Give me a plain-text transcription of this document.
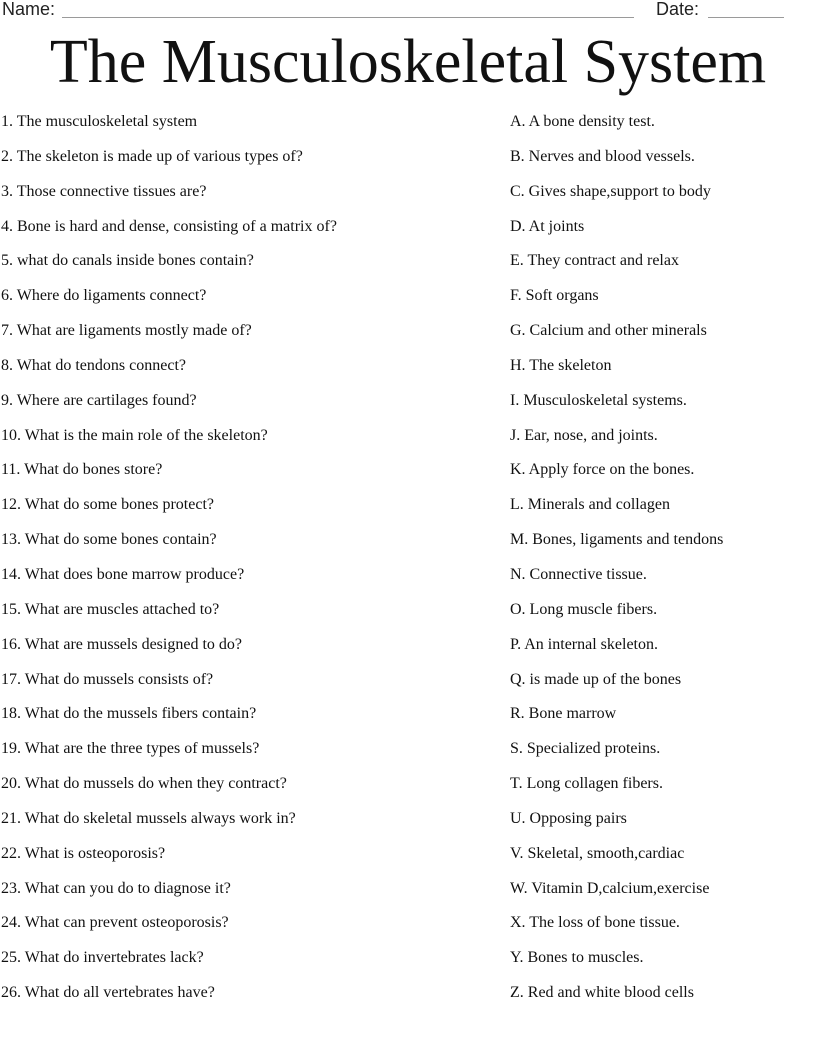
Name:	Date:
The Musculoskeletal System
1. The musculoskeletal system
2. The skeleton is made up of various types of?
3. Those connective tissues are?
4. Bone is hard and dense, consisting of a matrix of?
5. what do canals inside bones contain?
6. Where do ligaments connect?
7. What are ligaments mostly made of?
8. What do tendons connect?
9. Where are cartilages found?
10. What is the main role of the skeleton?
11. What do bones store?
12. What do some bones protect?
13. What do some bones contain?
14. What does bone marrow produce?
15. What are muscles attached to?
16. What are mussels designed to do?
17. What do mussels consists of?
18. What do the mussels fibers contain?
19. What are the three types of mussels?
20. What do mussels do when they contract?
21. What do skeletal mussels always work in?
22. What is osteoporosis?
23. What can you do to diagnose it?
24. What can prevent osteoporosis?
25. What do invertebrates lack?
26. What do all vertebrates have?
A. A bone density test.
B. Nerves and blood vessels.
C. Gives shape,support to body
D. At joints
E. They contract and relax
F. Soft organs
G. Calcium and other minerals
H. The skeleton
I. Musculoskeletal systems.
J. Ear, nose, and joints.
K. Apply force on the bones.
L. Minerals and collagen
M. Bones, ligaments and tendons
N. Connective tissue.
O. Long muscle fibers.
P. An internal skeleton.
Q. is made up of the bones
R. Bone marrow
S. Specialized proteins.
T. Long collagen fibers.
U. Opposing pairs
V. Skeletal, smooth,cardiac
W. Vitamin D,calcium,exercise
X. The loss of bone tissue.
Y. Bones to muscles.
Z. Red and white blood cells
